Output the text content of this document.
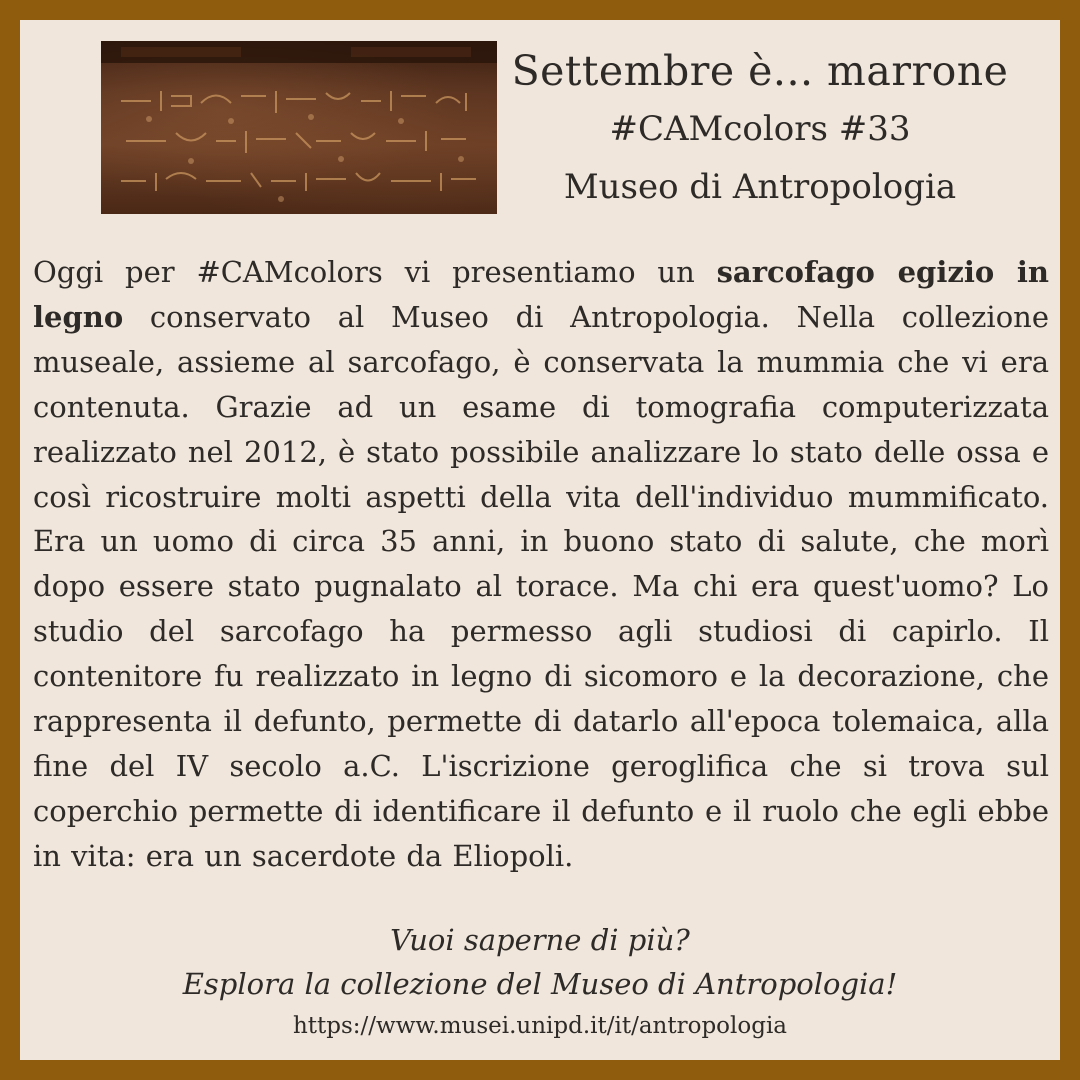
Settembre è... marrone
#CAMcolors #33
Museo di Antropologia
Oggi per #CAMcolors vi presentiamo un sarcofago egizio in legno conservato al Museo di Antropologia. Nella collezione museale, assieme al sarcofago, è conservata la mummia che vi era contenuta. Grazie ad un esame di tomografia computerizzata realizzato nel 2012, è stato possibile analizzare lo stato delle ossa e così ricostruire molti aspetti della vita dell'individuo mummificato. Era un uomo di circa 35 anni, in buono stato di salute, che morì dopo essere stato pugnalato al torace. Ma chi era quest'uomo? Lo studio del sarcofago ha permesso agli studiosi di capirlo. Il contenitore fu realizzato in legno di sicomoro e la decorazione, che rappresenta il defunto, permette di datarlo all'epoca tolemaica, alla fine del IV secolo a.C. L'iscrizione geroglifica che si trova sul coperchio permette di identificare il defunto e il ruolo che egli ebbe in vita: era un sacerdote da Eliopoli.
Vuoi saperne di più?
Esplora la collezione del Museo di Antropologia!
https://www.musei.unipd.it/it/antropologia
